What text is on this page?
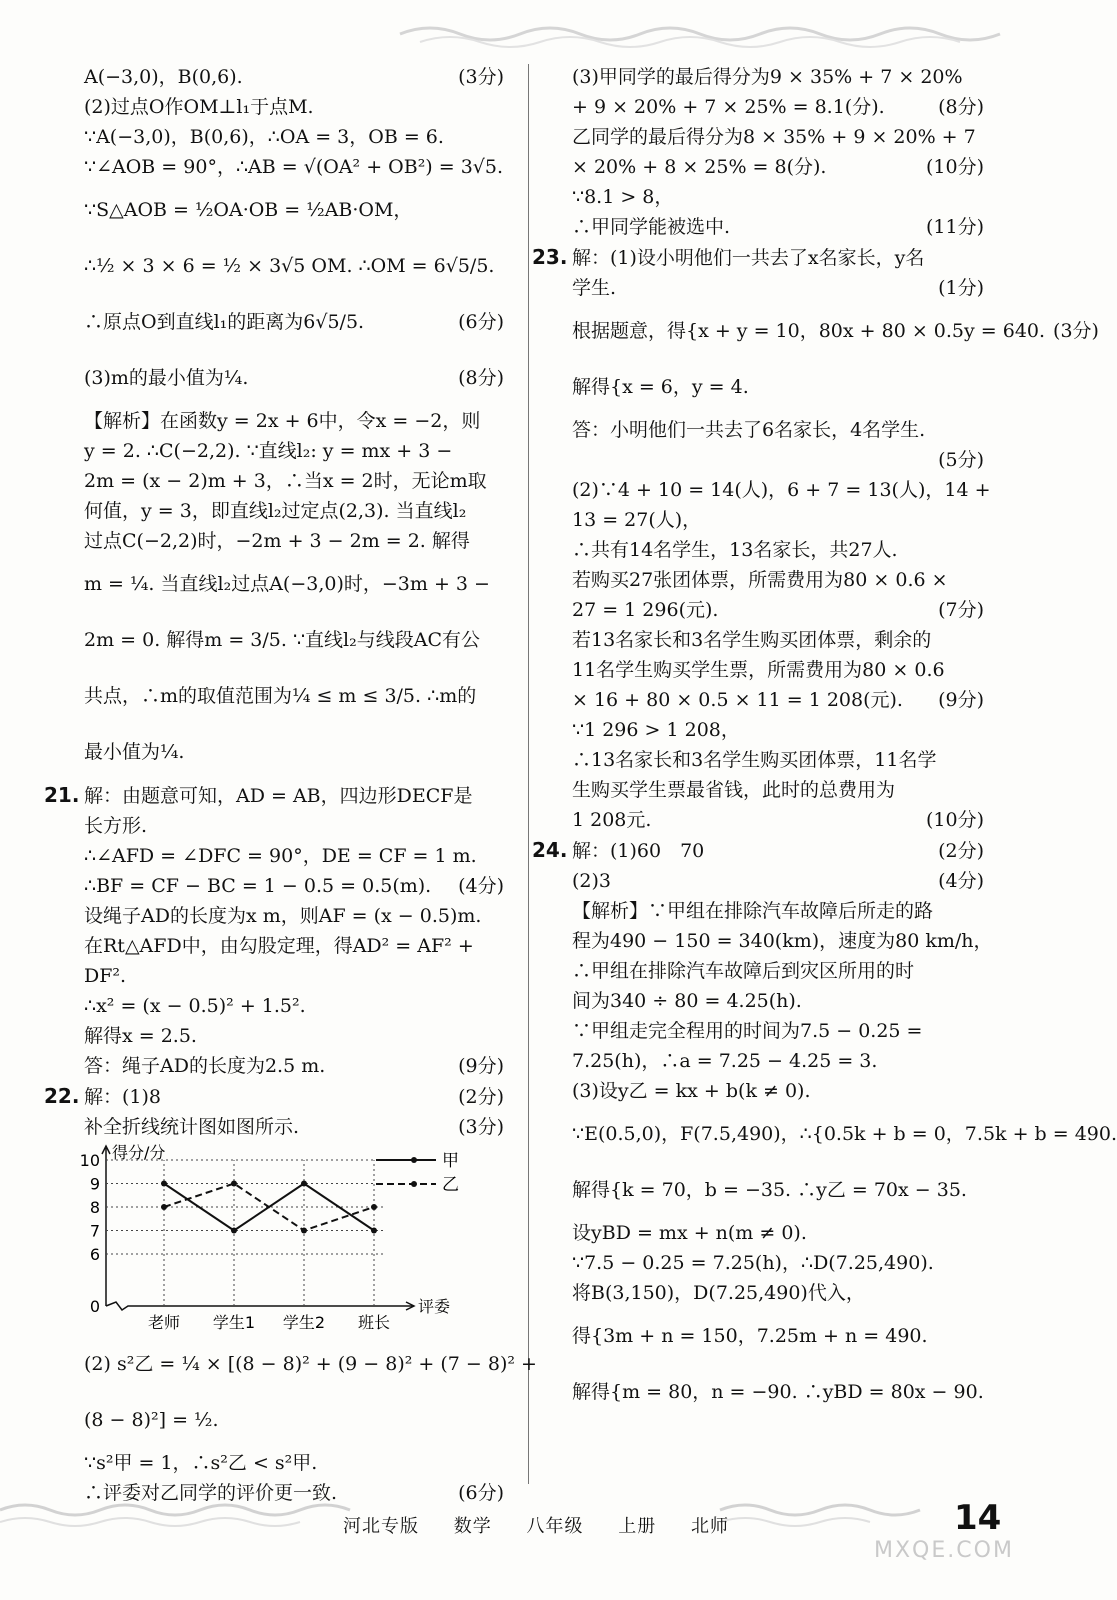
A(−3,0)，B(0,6).	(3分)
(2)过点O作OM⊥l₁于点M.
∵A(−3,0)，B(0,6)，∴OA = 3，OB = 6.
∵∠AOB = 90°，∴AB = √(OA² + OB²) = 3√5.
∵S△AOB = ½OA·OB = ½AB·OM，
∴½ × 3 × 6 = ½ × 3√5 OM. ∴OM = 6√5/5.
∴原点O到直线l₁的距离为6√5/5.	(6分)
(3)m的最小值为¼.	(8分)
【解析】在函数y = 2x + 6中，令x = −2，则
y = 2. ∴C(−2,2). ∵直线l₂: y = mx + 3 −
2m = (x − 2)m + 3，∴当x = 2时，无论m取
何值，y = 3，即直线l₂过定点(2,3). 当直线l₂
过点C(−2,2)时，−2m + 3 − 2m = 2. 解得
m = ¼. 当直线l₂过点A(−3,0)时，−3m + 3 −
2m = 0. 解得m = 3/5. ∵直线l₂与线段AC有公
共点，∴m的取值范围为¼ ≤ m ≤ 3/5. ∴m的
最小值为¼.
21. 解：由题意可知，AD = AB，四边形DECF是
长方形.
∴∠AFD = ∠DFC = 90°，DE = CF = 1 m.
∴BF = CF − BC = 1 − 0.5 = 0.5(m).	(4分)
设绳子AD的长度为x m，则AF = (x − 0.5)m.
在Rt△AFD中，由勾股定理，得AD² = AF² +
DF².
∴x² = (x − 0.5)² + 1.5².
解得x = 2.5.
答：绳子AD的长度为2.5 m.	(9分)
22. 解：(1)8	(2分)
补全折线统计图如图所示.	(3分)
得分/分
评委
0
6
7
8
9
10
老师 学生1 学生2 班长
甲
乙
(2) s²乙 = ¼ × [(8 − 8)² + (9 − 8)² + (7 − 8)² +
(8 − 8)²] = ½.
∵s²甲 = 1，∴s²乙 < s²甲.
∴评委对乙同学的评价更一致.	(6分)
(3)甲同学的最后得分为9 × 35% + 7 × 20%
+ 9 × 20% + 7 × 25% = 8.1(分).	(8分)
乙同学的最后得分为8 × 35% + 9 × 20% + 7
× 20% + 8 × 25% = 8(分).	(10分)
∵8.1 > 8，
∴甲同学能被选中.	(11分)
23. 解：(1)设小明他们一共去了x名家长，y名
学生.	(1分)
根据题意，得{x + y = 10，80x + 80 × 0.5y = 640. (3分)
解得{x = 6，y = 4.
答：小明他们一共去了6名家长，4名学生.
(5分)
(2)∵4 + 10 = 14(人)，6 + 7 = 13(人)，14 +
13 = 27(人)，
∴共有14名学生，13名家长，共27人.
若购买27张团体票，所需费用为80 × 0.6 ×
27 = 1 296(元).	(7分)
若13名家长和3名学生购买团体票，剩余的
11名学生购买学生票，所需费用为80 × 0.6
× 16 + 80 × 0.5 × 11 = 1 208(元).	(9分)
∵1 296 > 1 208，
∴13名家长和3名学生购买团体票，11名学
生购买学生票最省钱，此时的总费用为
1 208元.	(10分)
24. 解：(1)60　70	(2分)
(2)3	(4分)
【解析】∵甲组在排除汽车故障后所走的路
程为490 − 150 = 340(km)，速度为80 km/h，
∴甲组在排除汽车故障后到灾区所用的时
间为340 ÷ 80 = 4.25(h).
∵甲组走完全程用的时间为7.5 − 0.25 =
7.25(h)，∴a = 7.25 − 4.25 = 3.
(3)设y乙 = kx + b(k ≠ 0).
∵E(0.5,0)，F(7.5,490)，∴{0.5k + b = 0，7.5k + b = 490.
解得{k = 70，b = −35. ∴y乙 = 70x − 35.
设yBD = mx + n(m ≠ 0).
∵7.5 − 0.25 = 7.25(h)，∴D(7.25,490).
将B(3,150)，D(7.25,490)代入，
得{3m + n = 150，7.25m + n = 490.
解得{m = 80，n = −90. ∴yBD = 80x − 90.
河北专版 数学 八年级 上册 北师	14
MXQE.COM
